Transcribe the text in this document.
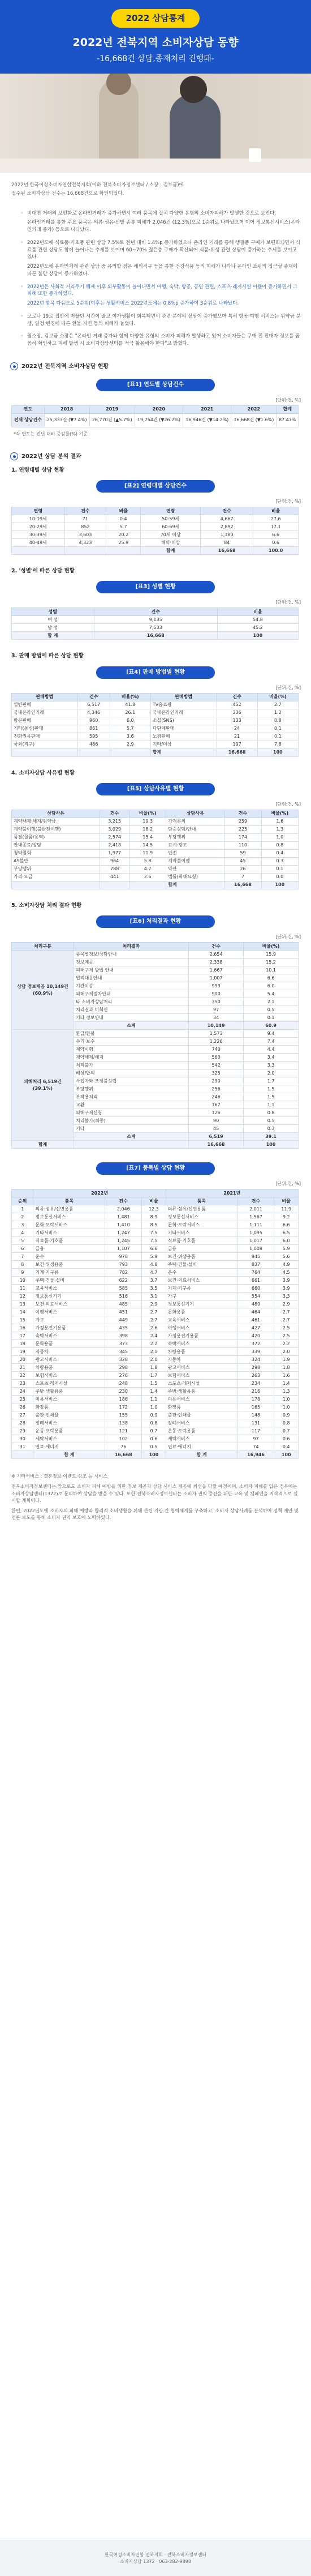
2022 상담통계
2022년 전북지역 소비자상담 동향
-16,668건 상담,종재처리 진행돼-

2022년 한국여성소비자연합전북지회(이하 전북소비자정보센터 / 소장 : 김보금)에

접수된 소비자상담 건수는 16,668건으로 확인되었다.

◦ 비대면 거래의 보편화로 온라인거래가 증가하면서 여러 품목에 걸쳐 다양한 유형의 소비자피해가 발생한 것으로 보인다.

온라인거래를 통한 주요 품목은 의류·섬유·신발 종류 피해가 2,046건 (12.3%)으로 1순위로 나타났으며 이어 정보통신서비스(온라인거래 증가) 등으로 나타났다.

◦ 2022년도에 식료품·기호품 관련 상담 7.5%로 전년 대비 1.4%p 증가하였으나 온라인 거래를 통해 생필품 구매가 보편화되면서 식료품 관련 상담도 함께 늘어나는 추세를 보이며 60~70% 젊은층 구매가 확산되어 식품·위생 관련 상담이 증가하는 추세를 보이고 있다.

2022년도에 온라인거래 관련 상담 중 유의할 점은 해외직구 등을 통한 건강식품 등의 피해가 나타나 온라인 쇼핑의 접근성 증대에 따른 불만 상담이 증가하였다.

◦ 2022년은 사회적 거리두기 해제 이후 외부활동이 늘어나면서 여행, 숙박, 항공, 공연 관련, 스포츠·레저시설 이용이 증가하면서 그 피해 또한 증가하였다.

2022년 항목 다음으로 5순위(이후는 생활서비스 2022년도에는 0.8%p 증가하여 3순위로 나타났다.

◦ 코로나 19로 집안에 머물던 시간이 줄고 여가생활이 회복되면서 관련 분야의 상담이 증가했으며 특히 항공·여행 서비스는 위약금 분쟁, 일정 변경에 따른 환불 지연 등의 피해가 늘었다.

◦ 월소장, 김보금 소장은 "온라인 거래 증가와 함께 다양한 유형의 소비자 피해가 발생하고 있어 소비자들은 구매 전 판매자 정보를 꼼꼼히 확인하고 피해 발생 시 소비자상담센터를 적극 활용해야 한다"고 밝혔다.

2022년 전북지역 소비자상담 현황
[표1] 연도별 상담건수
[단위:건, %]
연도	2018	2019	2020	2021	2022	합계
전체 상담건수	25,333건 (▼7.4%)	26,770건 (▲5.7%)	19,754건 (▼26.2%)	16,946건 (▼14.2%)	16,668건 (▼1.6%)	87.47%
*각 연도는 전년 대비 증감률(%) 기준
2022년 상담 분석 결과
1. 연령대별 상담 현황
[표2] 연령대별 상담건수
[단위:건, %]
연령	건수	비율	연령	건수	비율
10-19세	71	0.4	50-59세	4,667	27.6
20-29세	852	5.7	60-69세	2,892	17.1
30-39세	3,603	20.2	70세 이상	1,180	6.6
40-49세	4,323	25.9	해외·미상	84	0.6
			합계	16,668	100.0
2. '성별'에 따른 상담 현황
[표3] 성별 현황
[단위:건, %]
성별	건수	비율
여 성	9,135	54.8
남 성	7,533	45.2
합 계	16,668	100
3. 판매 방법에 따른 상담 현황
[표4] 판매 방법별 현황
[단위:건, %]
판매방법	건수	비율(%)	판매방법	건수	비율(%)
일반판매	6,517	41.8	TV홈쇼핑	452	2.7
국내온라인거래	4,346	26.1	국내온라인거래	336	1.2
방문판매	960	6.0	소셜(SNS)	133	0.8
기타(통신)판매	861	5.7	다단계판매	24	0.1
전화권유판매	595	3.6	노점판매	21	0.1
국외(직구)	486	2.9	기타/미상	197	7.8
			합계	16,668	100
4. 소비자상담 사유별 현황
[표5] 상담사유별 현황
[단위:건, %]
상담사유	건수	비율(%)	상담사유	건수	비율(%)
계약해제·해지/위약금	3,215	19.3	가격문의	259	1.6
계약불이행(불완전이행)	3,029	18.2	단순상담/안내	225	1.3
품질(물품/용역)	2,574	15.4	부당행위	174	1.0
안내종료/상담	2,418	14.5	표시·광고	110	0.8
청약철회	1,977	11.9	안전	59	0.4
AS불만	964	5.8	계약불이행	45	0.3
부당행위	788	4.7	약관	26	0.1
가격·요금	441	2.6	법률(화해요청)	7	0.0
			합계	16,668	100
5. 소비자상담 처리 결과 현황
[표6] 처리결과 현황
[단위:건, %]
처리구분	처리결과	건수	비율(%)
상담 정보제공 10,149건 (60.9%)	품목별정보/상담안내	2,654	15.9
	정보제공	2,338	15.2
	피해구제 방법 안내	1,667	10.1
	법적대응안내	1,007	6.6
	기관이송	993	6.0
	피해구제절차안내	900	5.4
	타 소비자상담처리	350	2.1
	처리결과 미회신	97	0.5
	기타 정보안내	34	0.1
	소계	10,149	60.9
피해처리 6,519건 (39.1%)	환급/환불	1,573	9.4
	수리·보수	1,226	7.4
	계약이행	740	4.4
	계약해제/해지	560	3.4
	처리불가	542	3.3
	배상/합의	325	2.0
	사업자와 조정불성립	290	1.7
	부당행위	256	1.5
	부작용처리	246	1.5
	교환	167	1.1
	피해구제신청	126	0.8
	처리불가(최종)	90	0.5
	기타	45	0.3
	소계	6,519	39.1
합계		16,668	100
[표7] 품목별 상담 현황
[단위:건, %]
	2022년			2021년		
순위	품목	건수	비율	품목	건수	비율
1	의류·섬유/신변용품	2,046	12.3	의류·섬유/신변용품	2,011	11.9
2	정보통신서비스	1,481	8.9	정보통신서비스	1,567	9.2
3	문화·오락서비스	1,410	8.5	문화·오락서비스	1,111	6.6
4	기타서비스	1,247	7.5	기타서비스	1,095	6.5
5	식료품·기호품	1,245	7.5	식료품·기호품	1,017	6.0
6	금융	1,107	6.6	금융	1,008	5.9
7	운수	978	5.9	보건·위생용품	945	5.6
8	보건·위생용품	793	4.8	주택·건물·설비	837	4.9
9	기계·기구류	782	4.7	운수	764	4.5
10	주택·건물·설비	622	3.7	보건·의료서비스	661	3.9
11	교육서비스	585	3.5	기계·기구류	660	3.9
12	정보통신기기	516	3.1	가구	554	3.3
13	보건·의료서비스	485	2.9	정보통신기기	489	2.9
14	여행서비스	451	2.7	문화용품	464	2.7
15	가구	449	2.7	교육서비스	461	2.7
16	가정용전기용품	435	2.6	여행서비스	427	2.5
17	숙박서비스	398	2.4	가정용전기용품	420	2.5
18	문화용품	373	2.2	숙박서비스	372	2.2
19	자동차	345	2.1	차량용품	339	2.0
20	광고서비스	328	2.0	자동차	324	1.9
21	차량용품	298	1.8	광고서비스	298	1.8
22	보험서비스	276	1.7	보험서비스	263	1.6
23	스포츠·레저시설	248	1.5	스포츠·레저시설	234	1.4
24	주방·생활용품	230	1.4	주방·생활용품	216	1.3
25	미용서비스	186	1.1	미용서비스	178	1.0
26	화장품	172	1.0	화장품	165	1.0
27	출판·인쇄물	155	0.9	출판·인쇄물	148	0.9
28	장례서비스	138	0.8	장례서비스	131	0.8
29	운동·오락용품	121	0.7	운동·오락용품	117	0.7
30	세탁서비스	102	0.6	세탁서비스	97	0.6
31	연료·에너지	76	0.5	연료·에너지	74	0.4
	합 계	16,668	100	합 계	16,946	100

※ 기타서비스 : 결혼정보·이벤트·상조 등 서비스

전북소비자정보센터는 앞으로도 소비자 피해 예방을 위한 정보 제공과 상담 서비스 제공에 최선을 다할 예정이며, 소비자 피해를 입은 경우에는 소비자상담센터(1372)로 문의하여 상담을 받을 수 있다. 또한 전북소비자정보센터는 소비자 권익 증진을 위한 교육 및 캠페인을 지속적으로 실시할 계획이다.

한편, 2022년도에 소비자의 피해 예방과 합리적 소비생활을 위해 관련 기관 간 협력체계를 구축하고, 소비자 상담사례를 분석하여 정책 제안 및 언론 보도를 통해 소비자 권익 보호에 노력하였다.

한국여성소비자연합 전북지회 · 전북소비자정보센터
소비자상담 1372 · 063-282-9898
